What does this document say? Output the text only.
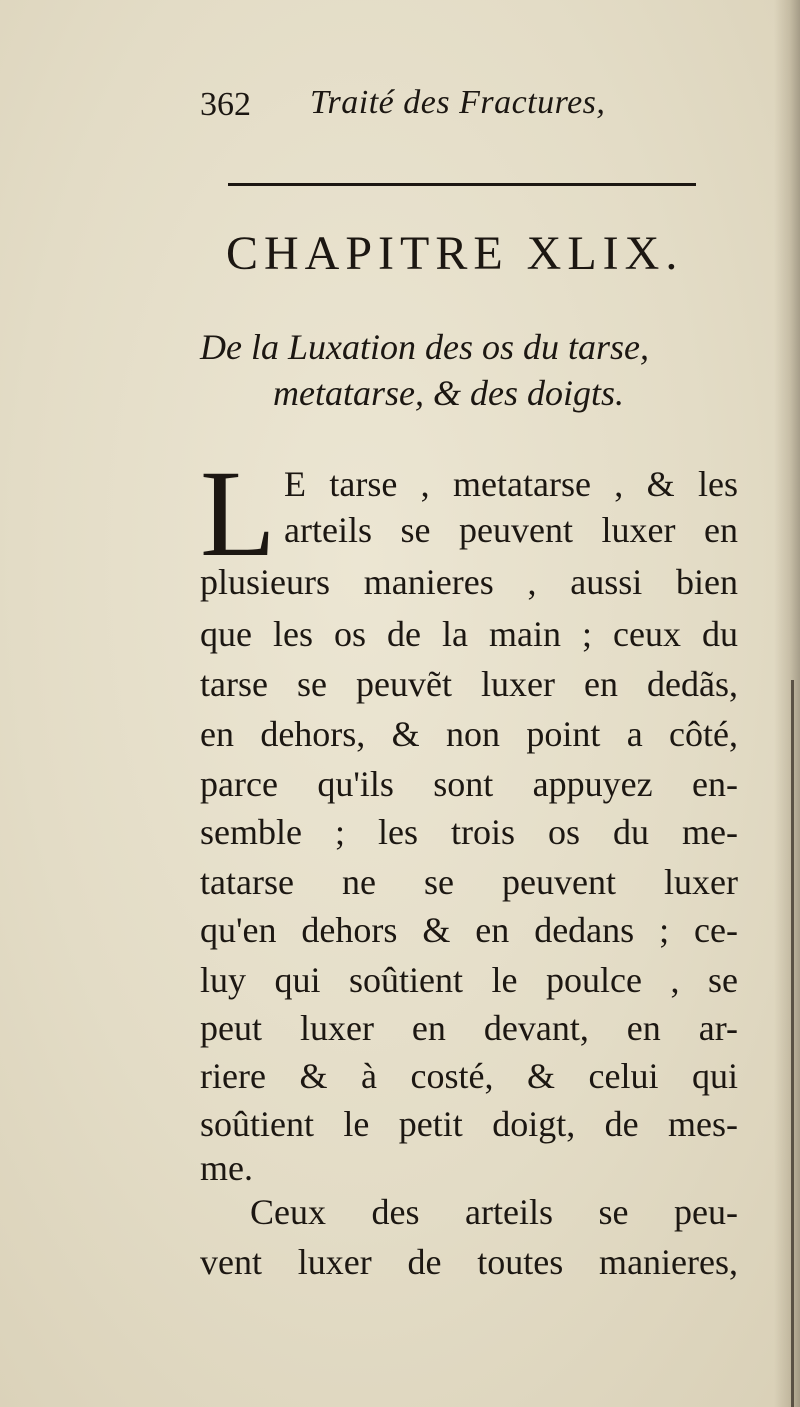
362 Traité des Fractures,
CHAPITRE XLIX.
De la Luxation des os du tarse,
metatarse, & des doigts.
L E tarse , metatarse , & les
arteils se peuvent luxer en
plusieurs manieres , aussi bien
que les os de la main ; ceux du
tarse se peuvẽt luxer en dedãs,
en dehors, & non point a côté,
parce qu'ils sont appuyez en-
semble ; les trois os du me-
tatarse ne se peuvent luxer
qu'en dehors & en dedans ; ce-
luy qui soûtient le poulce , se
peut luxer en devant, en ar-
riere & à costé, & celui qui
soûtient le petit doigt, de mes-
me.
Ceux des arteils se peu-
vent luxer de toutes manieres,
